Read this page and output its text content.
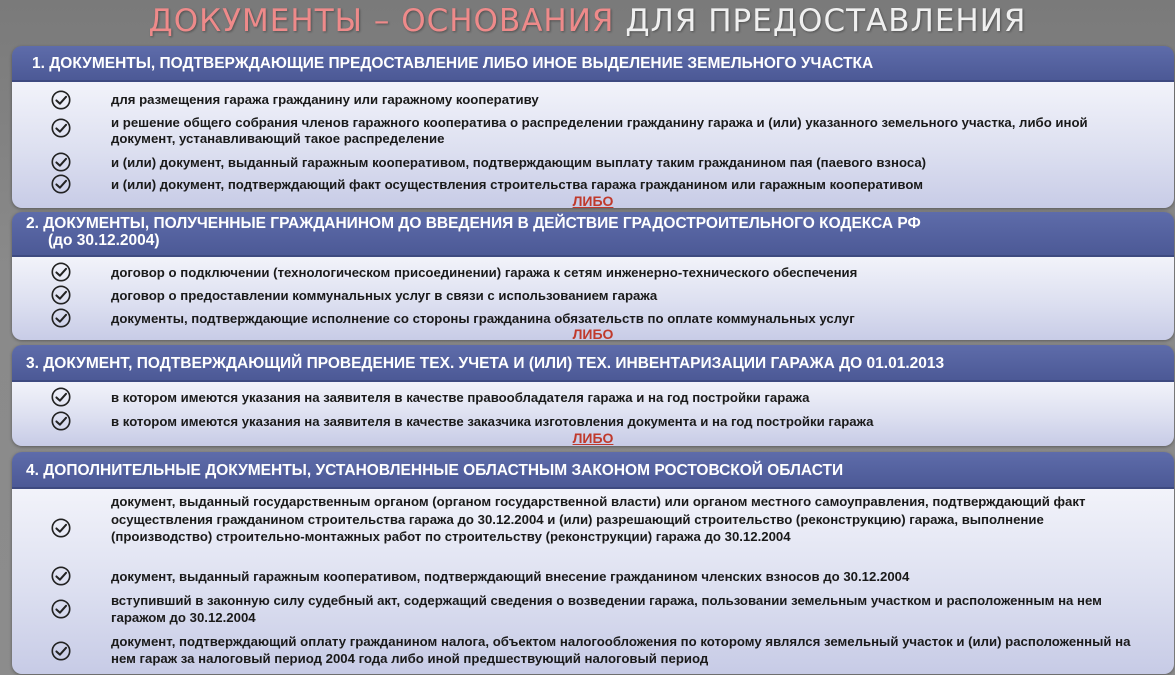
ДОКУМЕНТЫ – ОСНОВАНИЯ ДЛЯ ПРЕДОСТАВЛЕНИЯ
1. ДОКУМЕНТЫ, ПОДТВЕРЖДАЮЩИЕ ПРЕДОСТАВЛЕНИЕ ЛИБО ИНОЕ ВЫДЕЛЕНИЕ ЗЕМЕЛЬНОГО УЧАСТКА
для размещения гаража гражданину или гаражному кооперативу
и решение общего собрания членов гаражного кооператива о распределении гражданину гаража и (или) указанного земельного участка, либо иной документ, устанавливающий такое распределение
и (или) документ, выданный гаражным кооперативом, подтверждающим выплату таким гражданином пая (паевого взноса)
и (или) документ, подтверждающий факт осуществления строительства гаража гражданином или гаражным кооперативом
ЛИБО
2. ДОКУМЕНТЫ, ПОЛУЧЕННЫЕ ГРАЖДАНИНОМ ДО ВВЕДЕНИЯ В ДЕЙСТВИЕ ГРАДОСТРОИТЕЛЬНОГО КОДЕКСА РФ
(до 30.12.2004)
договор о подключении (технологическом присоединении) гаража к сетям инженерно-технического обеспечения
договор о предоставлении коммунальных услуг в связи с использованием гаража
документы, подтверждающие исполнение со стороны гражданина обязательств по оплате коммунальных услуг
ЛИБО
3. ДОКУМЕНТ, ПОДТВЕРЖДАЮЩИЙ ПРОВЕДЕНИЕ ТЕХ. УЧЕТА И (ИЛИ) ТЕХ. ИНВЕНТАРИЗАЦИИ ГАРАЖА ДО 01.01.2013
в котором имеются указания на заявителя в качестве правообладателя гаража и на год постройки гаража
в котором имеются указания на заявителя в качестве заказчика изготовления документа и на год постройки гаража
ЛИБО
4. ДОПОЛНИТЕЛЬНЫЕ ДОКУМЕНТЫ, УСТАНОВЛЕННЫЕ ОБЛАСТНЫМ ЗАКОНОМ РОСТОВСКОЙ ОБЛАСТИ
документ, выданный государственным органом (органом государственной власти) или органом местного самоуправления, подтверждающий факт осуществления гражданином строительства гаража до 30.12.2004 и (или) разрешающий строительство (реконструкцию) гаража, выполнение (производство) строительно-монтажных работ по строительству (реконструкции) гаража до 30.12.2004
документ, выданный гаражным кооперативом, подтверждающий внесение гражданином членских взносов до 30.12.2004
вступивший в законную силу судебный акт, содержащий сведения о возведении гаража, пользовании земельным участком и расположенным на нем гаражом до 30.12.2004
документ, подтверждающий оплату гражданином налога, объектом налогообложения по которому являлся земельный участок и (или) расположенный на нем гараж за налоговый период 2004 года либо иной предшествующий налоговый период
